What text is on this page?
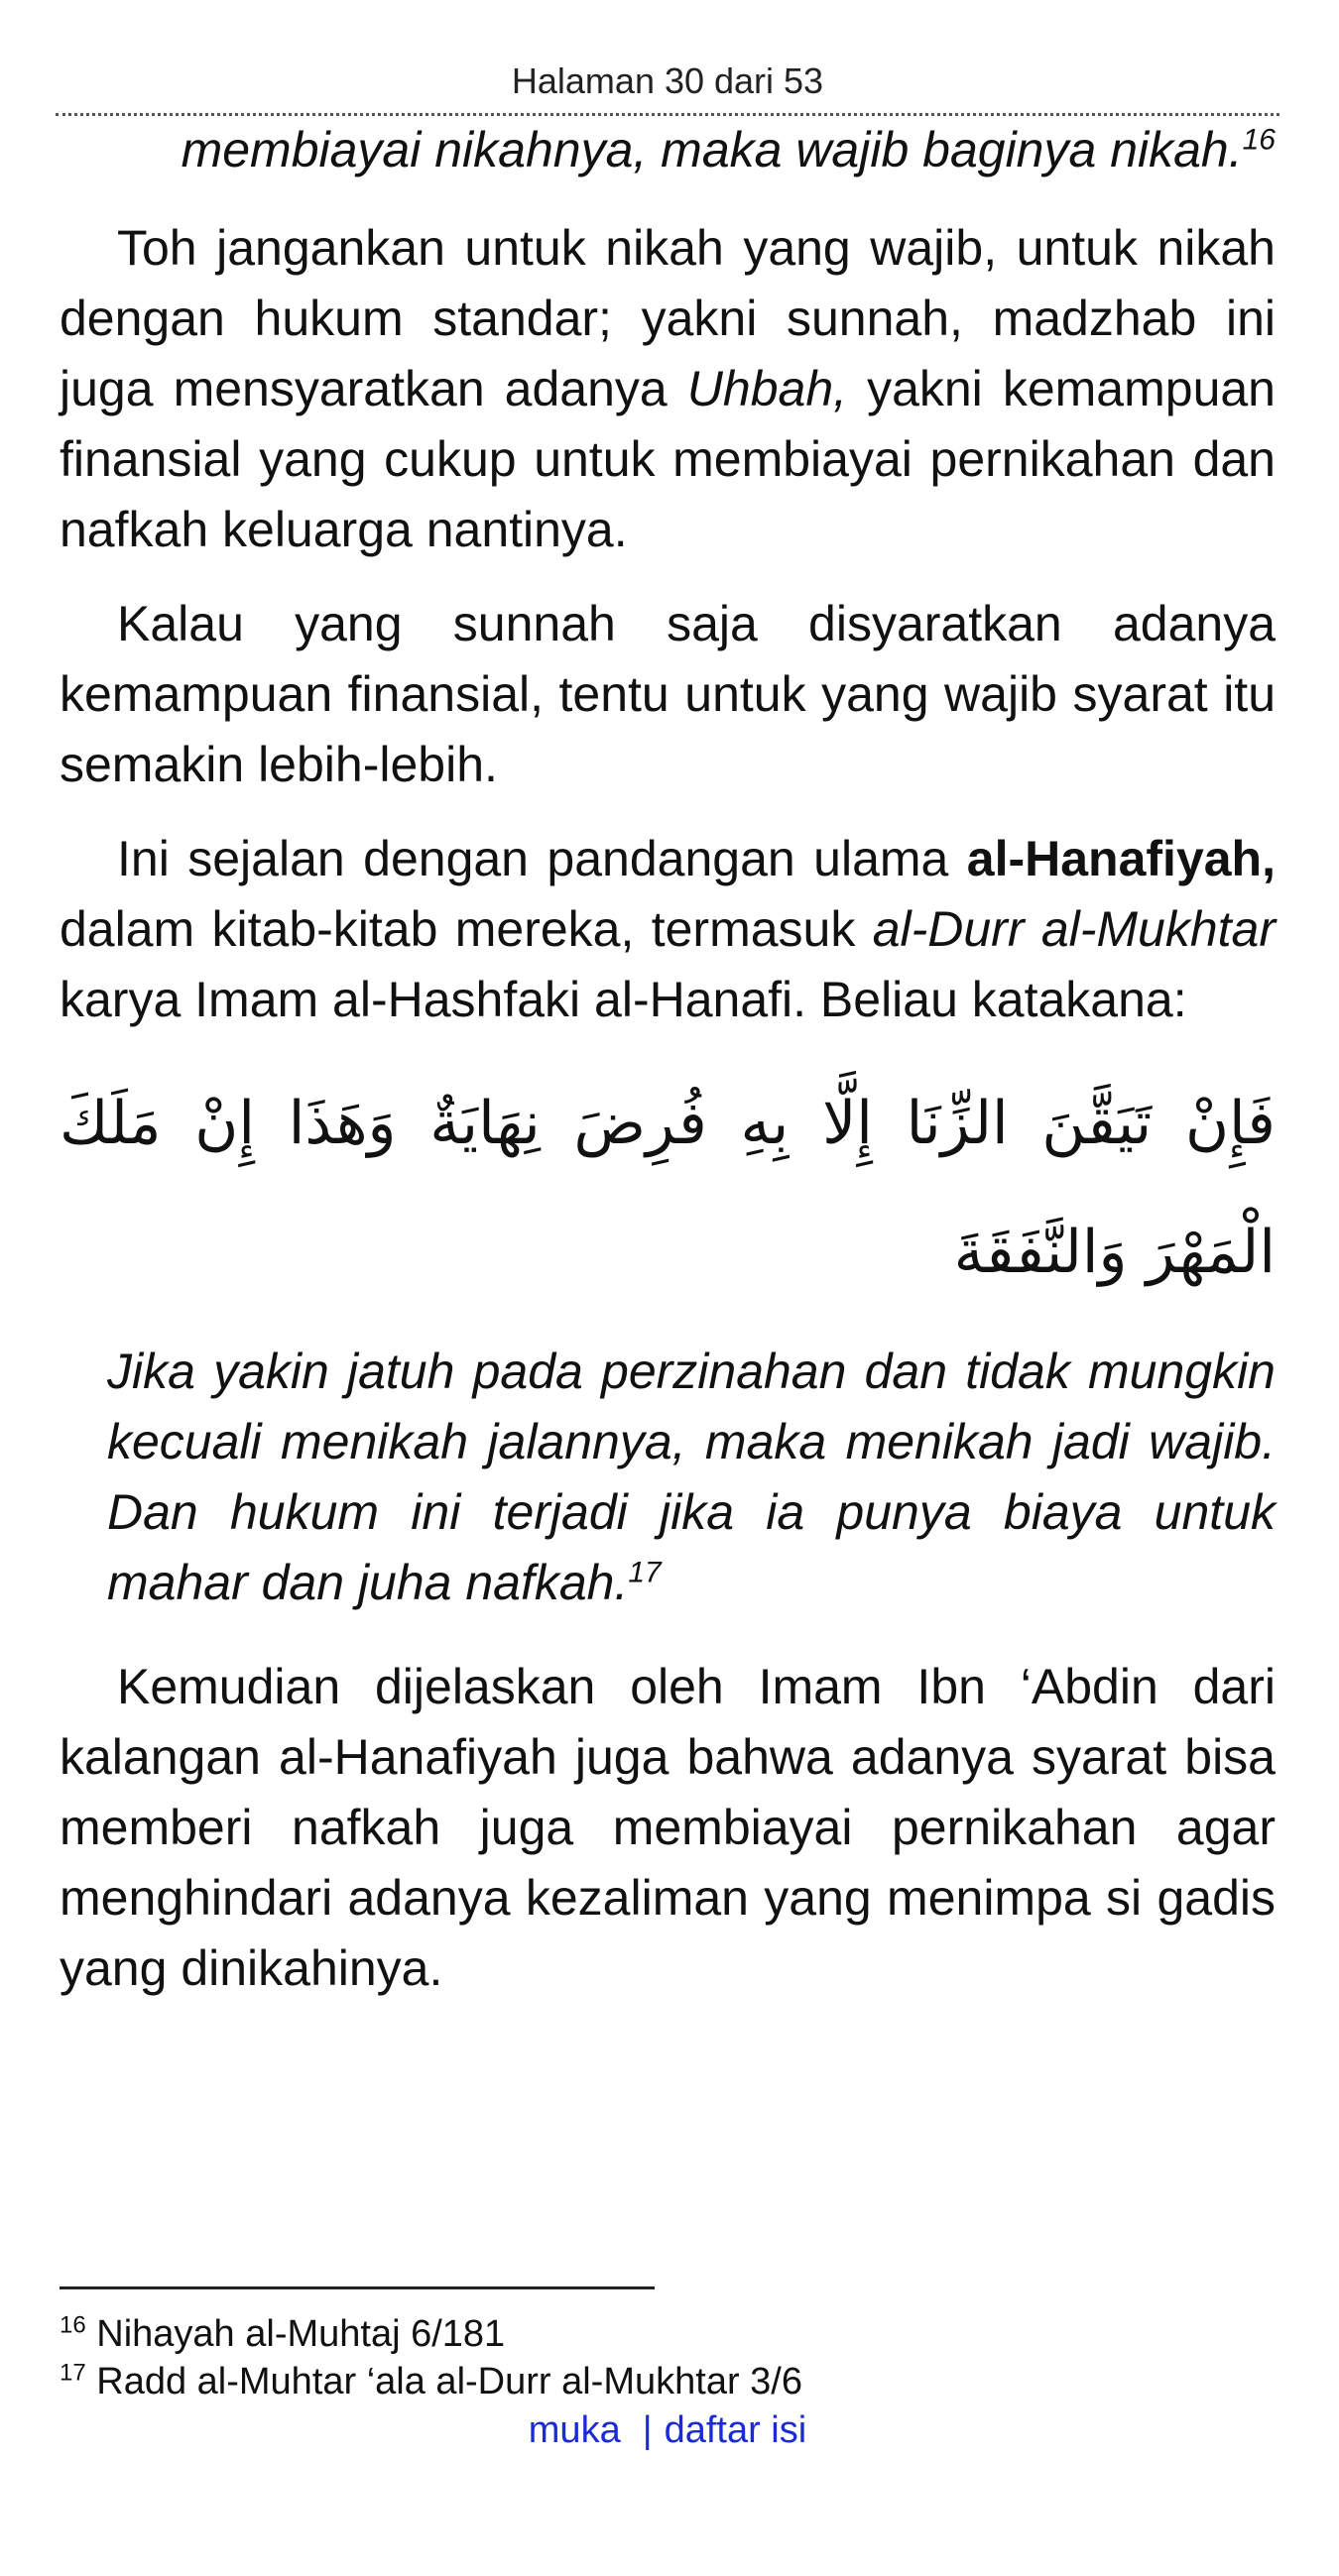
Halaman 30 dari 53

membiayai nikahnya, maka wajib baginya nikah.$^{16}$

Toh jangankan untuk nikah yang wajib, untuk nikah dengan hukum standar; yakni sunnah, madzhab ini juga mensyaratkan adanya Uhbah, yakni kemampuan finansial yang cukup untuk membiayai pernikahan dan nafkah keluarga nantinya.

Kalau yang sunnah saja disyaratkan adanya kemampuan finansial, tentu untuk yang wajib syarat itu semakin lebih-lebih.

Ini sejalan dengan pandangan ulama al-Hanafiyah, dalam kitab-kitab mereka, termasuk al-Durr al-Mukhtar karya Imam al-Hashfaki al-Hanafi. Beliau katakana:

فَإِنْ تَيَقَّنَ الزِّنَا إِلَّا بِهِ فُرِضَ نِهَايَةٌ وَهَذَا إِنْ مَلَكَ الْمَهْرَ وَالنَّفَقَةَ

Jika yakin jatuh pada perzinahan dan tidak mungkin kecuali menikah jalannya, maka menikah jadi wajib. Dan hukum ini terjadi jika ia punya biaya untuk mahar dan juha nafkah.$^{17}$

Kemudian dijelaskan oleh Imam Ibn ‘Abdin dari kalangan al-Hanafiyah juga bahwa adanya syarat bisa memberi nafkah juga membiayai pernikahan agar menghindari adanya kezaliman yang menimpa si gadis yang dinikahinya.

$^{16}$ Nihayah al-Muhtaj 6/181
$^{17}$ Radd al-Muhtar ‘ala al-Durr al-Mukhtar 3/6
muka | daftar isi
